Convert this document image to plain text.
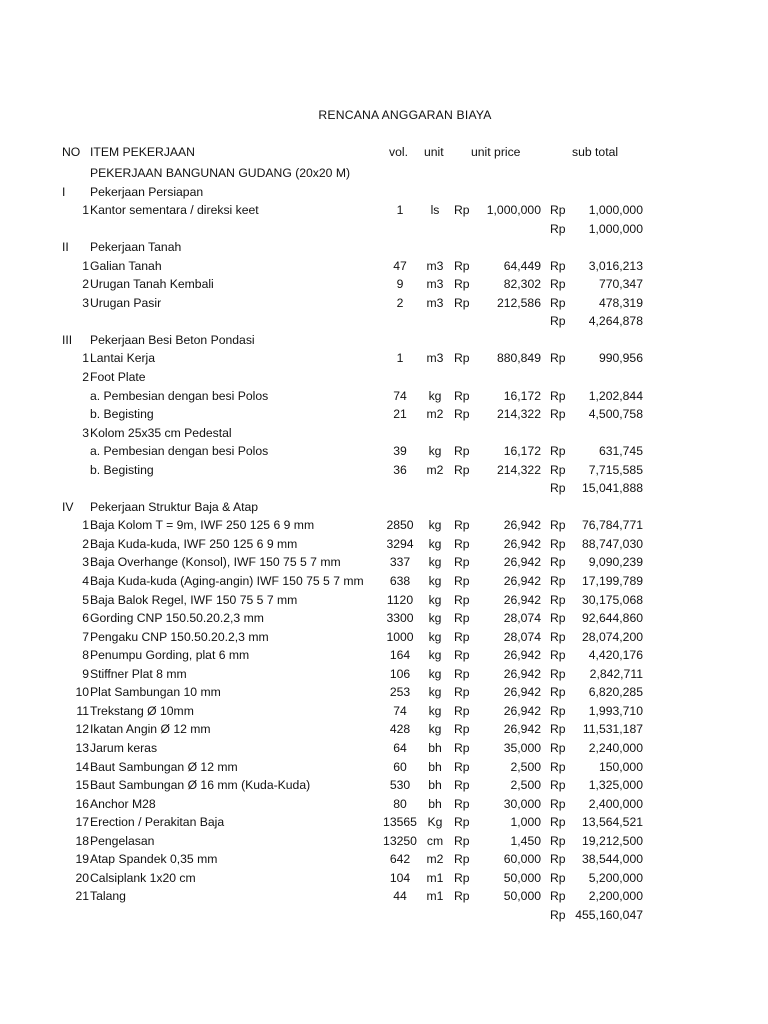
RENCANA ANGGARAN BIAYA
NO ITEM PEKERJAAN	vol. unit unit price	sub total
PEKERJAAN BANGUNAN GUDANG (20x20 M)
I Pekerjaan Persiapan
1 Kantor sementara / direksi keet	1	ls	Rp	1,000,000 Rp	1,000,000
Rp	1,000,000
II Pekerjaan Tanah
1 Galian Tanah	47	m3 Rp	64,449 Rp	3,016,213
2 Urugan Tanah Kembali	9	m3 Rp	82,302 Rp	770,347
3 Urugan Pasir	2	m3 Rp	212,586 Rp	478,319
Rp	4,264,878
III Pekerjaan Besi Beton Pondasi
1 Lantai Kerja	1	m3 Rp	880,849 Rp	990,956
2 Foot Plate
a. Pembesian dengan besi Polos	74	kg	Rp	16,172 Rp	1,202,844
b. Begisting	21	m2 Rp	214,322 Rp	4,500,758
3 Kolom 25x35 cm Pedestal
a. Pembesian dengan besi Polos	39	kg	Rp	16,172 Rp	631,745
b. Begisting	36	m2 Rp	214,322 Rp	7,715,585
Rp	15,041,888
IV Pekerjaan Struktur Baja & Atap
1 Baja Kolom T = 9m, IWF 250 125 6 9 mm	2850	kg	Rp	26,942 Rp	76,784,771
2 Baja Kuda-kuda, IWF 250 125 6 9 mm	3294	kg	Rp	26,942 Rp	88,747,030
3 Baja Overhange (Konsol), IWF 150 75 5 7 mm	337	kg	Rp	26,942 Rp	9,090,239
4 Baja Kuda-kuda (Aging-angin) IWF 150 75 5 7 mm	638	kg	Rp	26,942 Rp	17,199,789
5 Baja Balok Regel, IWF 150 75 5 7 mm	1120	kg	Rp	26,942 Rp	30,175,068
6 Gording CNP 150.50.20.2,3 mm	3300	kg	Rp	28,074 Rp	92,644,860
7 Pengaku CNP 150.50.20.2,3 mm	1000	kg	Rp	28,074 Rp	28,074,200
8 Penumpu Gording, plat 6 mm	164	kg	Rp	26,942 Rp	4,420,176
9 Stiffner Plat 8 mm	106	kg	Rp	26,942 Rp	2,842,711
10 Plat Sambungan 10 mm	253	kg	Rp	26,942 Rp	6,820,285
11 Trekstang Ø 10mm	74	kg	Rp	26,942 Rp	1,993,710
12 Ikatan Angin Ø 12 mm	428	kg	Rp	26,942 Rp	11,531,187
13 Jarum keras	64	bh	Rp	35,000 Rp	2,240,000
14 Baut Sambungan Ø 12 mm	60	bh	Rp	2,500 Rp	150,000
15 Baut Sambungan Ø 16 mm (Kuda-Kuda)	530	bh	Rp	2,500 Rp	1,325,000
16 Anchor M28	80	bh	Rp	30,000 Rp	2,400,000
17 Erection / Perakitan Baja	13565 Kg Rp	1,000 Rp	13,564,521
18 Pengelasan	13250 cm Rp	1,450 Rp	19,212,500
19 Atap Spandek 0,35 mm	642	m2 Rp	60,000 Rp	38,544,000
20 Calsiplank 1x20 cm	104	m1 Rp	50,000 Rp	5,200,000
21 Talang	44	m1 Rp	50,000 Rp	2,200,000
Rp 455,160,047
